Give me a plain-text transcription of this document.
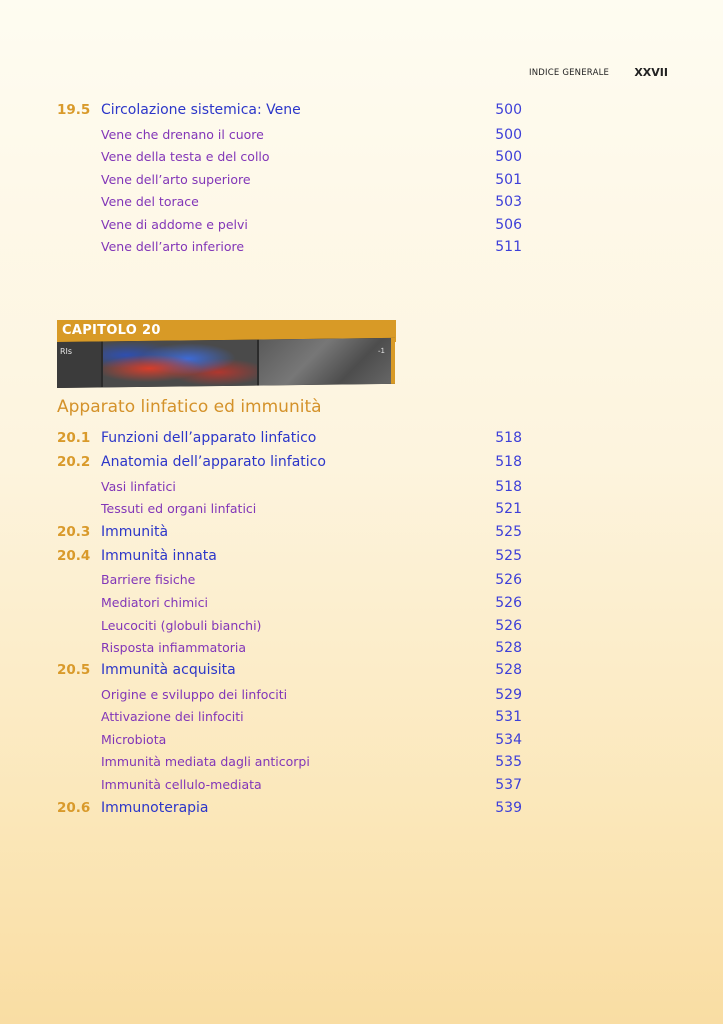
INDICE GENERALE XXVII
19.5 Circolazione sistemica: Vene	500
Vene che drenano il cuore	500
Vene della testa e del collo	500
Vene dell’arto superiore	501
Vene del torace	503
Vene di addome e pelvi	506
Vene dell’arto inferiore	511
CAPITOLO 20
RIs	-1
Apparato linfatico ed immunità
20.1 Funzioni dell’apparato linfatico	518
20.2 Anatomia dell’apparato linfatico	518
Vasi linfatici	518
Tessuti ed organi linfatici	521
20.3 Immunità	525
20.4 Immunità innata	525
Barriere fisiche	526
Mediatori chimici	526
Leucociti (globuli bianchi)	526
Risposta infiammatoria	528
20.5 Immunità acquisita	528
Origine e sviluppo dei linfociti	529
Attivazione dei linfociti	531
Microbiota	534
Immunità mediata dagli anticorpi	535
Immunità cellulo-mediata	537
20.6 Immunoterapia	539
